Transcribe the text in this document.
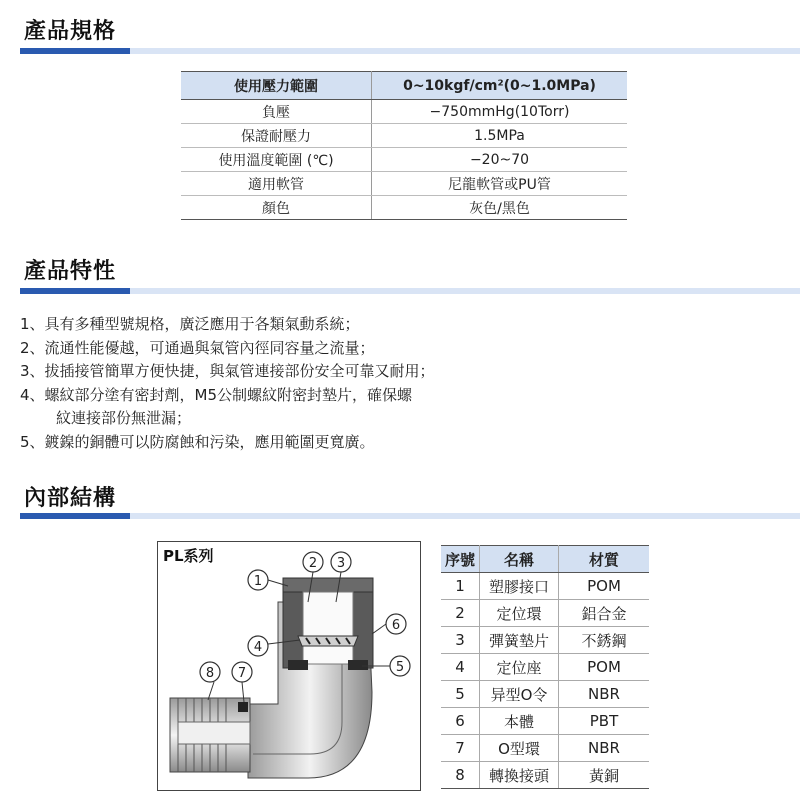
產品規格
使用壓力範圍	0~10kgf/cm²(0~1.0MPa)
負壓	−750mmHg(10Torr)
保證耐壓力	1.5MPa
使用溫度範圍 (℃)	−20~70
適用軟管	尼龍軟管或PU管
顏色	灰色/黑色
產品特性
1、具有多種型號規格，廣泛應用于各類氣動系統；
2、流通性能優越，可通過與氣管內徑同容量之流量；
3、拔插接管簡單方便快捷，與氣管連接部份安全可靠又耐用；
4、螺紋部分塗有密封劑，M5公制螺紋附密封墊片，確保螺
紋連接部份無泄漏；
5、鍍鎳的銅體可以防腐蝕和污染，應用範圍更寬廣。
內部結構
PL系列
1
2 3
4
5
6
7
8
序號	名稱	材質
1	塑膠接口	POM
2	定位環	鋁合金
3	彈簧墊片	不銹鋼
4	定位座	POM
5	异型O令	NBR
6	本體	PBT
7	O型環	NBR
8	轉換接頭	黃銅
